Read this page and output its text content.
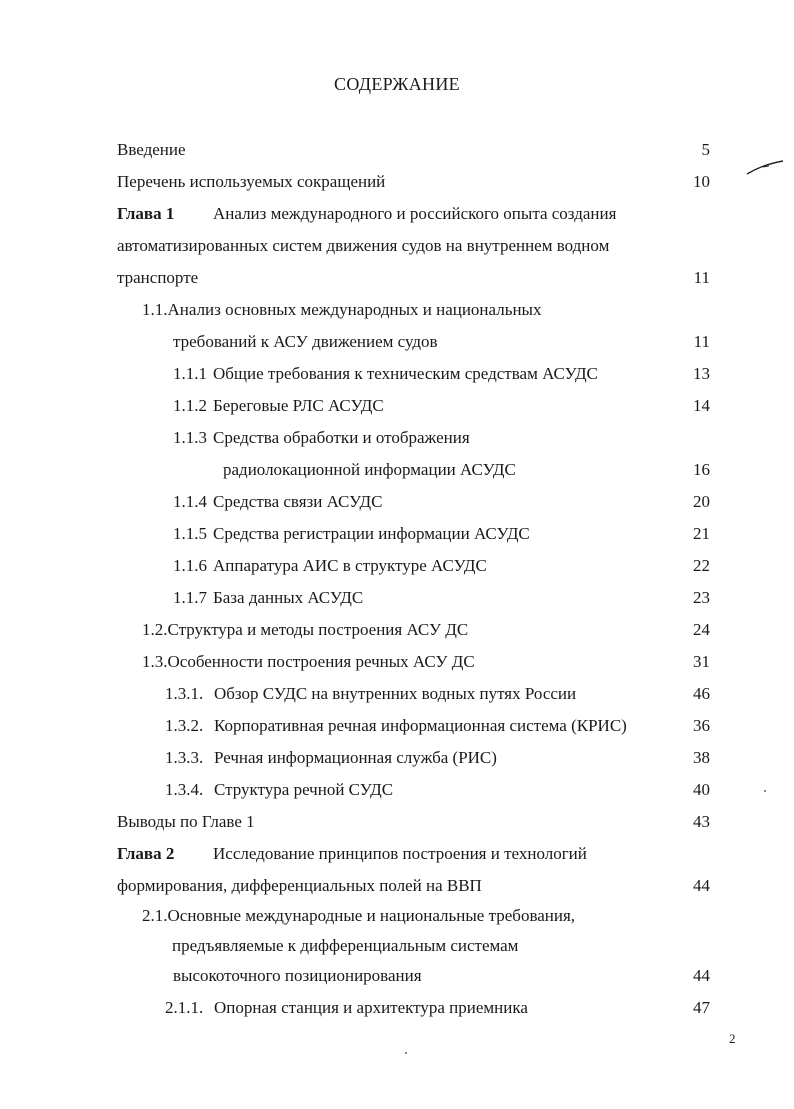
СОДЕРЖАНИЕ
Введение	5
Перечень используемых сокращений	10
Глава 1 Анализ международного и российского опыта создания
автоматизированных систем движения судов на внутреннем водном
транспорте	11
1.1.Анализ основных международных и национальных
требований к АСУ движением судов	11
1.1.1 Общие требования к техническим средствам АСУДС	13
1.1.2 Береговые РЛС АСУДС	14
1.1.3 Средства обработки и отображения
радиолокационной информации АСУДС	16
1.1.4 Средства связи АСУДС	20
1.1.5 Средства регистрации информации АСУДС	21
1.1.6 Аппаратура АИС в структуре АСУДС	22
1.1.7 База данных АСУДС	23
1.2.Структура и методы построения АСУ ДС	24
1.3.Особенности построения речных АСУ ДС	31
1.3.1. Обзор СУДС на внутренних водных путях России	46
1.3.2. Корпоративная речная информационная система (КРИС)	36
1.3.3. Речная информационная служба (РИС)	38
1.3.4. Структура речной СУДС	40
Выводы по Главе 1	43
Глава 2 Исследование принципов построения и технологий
формирования, дифференциальных полей на ВВП	44
2.1.Основные международные и национальные требования,
предъявляемые к дифференциальным системам
высокоточного позиционирования	44
2.1.1. Опорная станция и архитектура приемника	47
2
